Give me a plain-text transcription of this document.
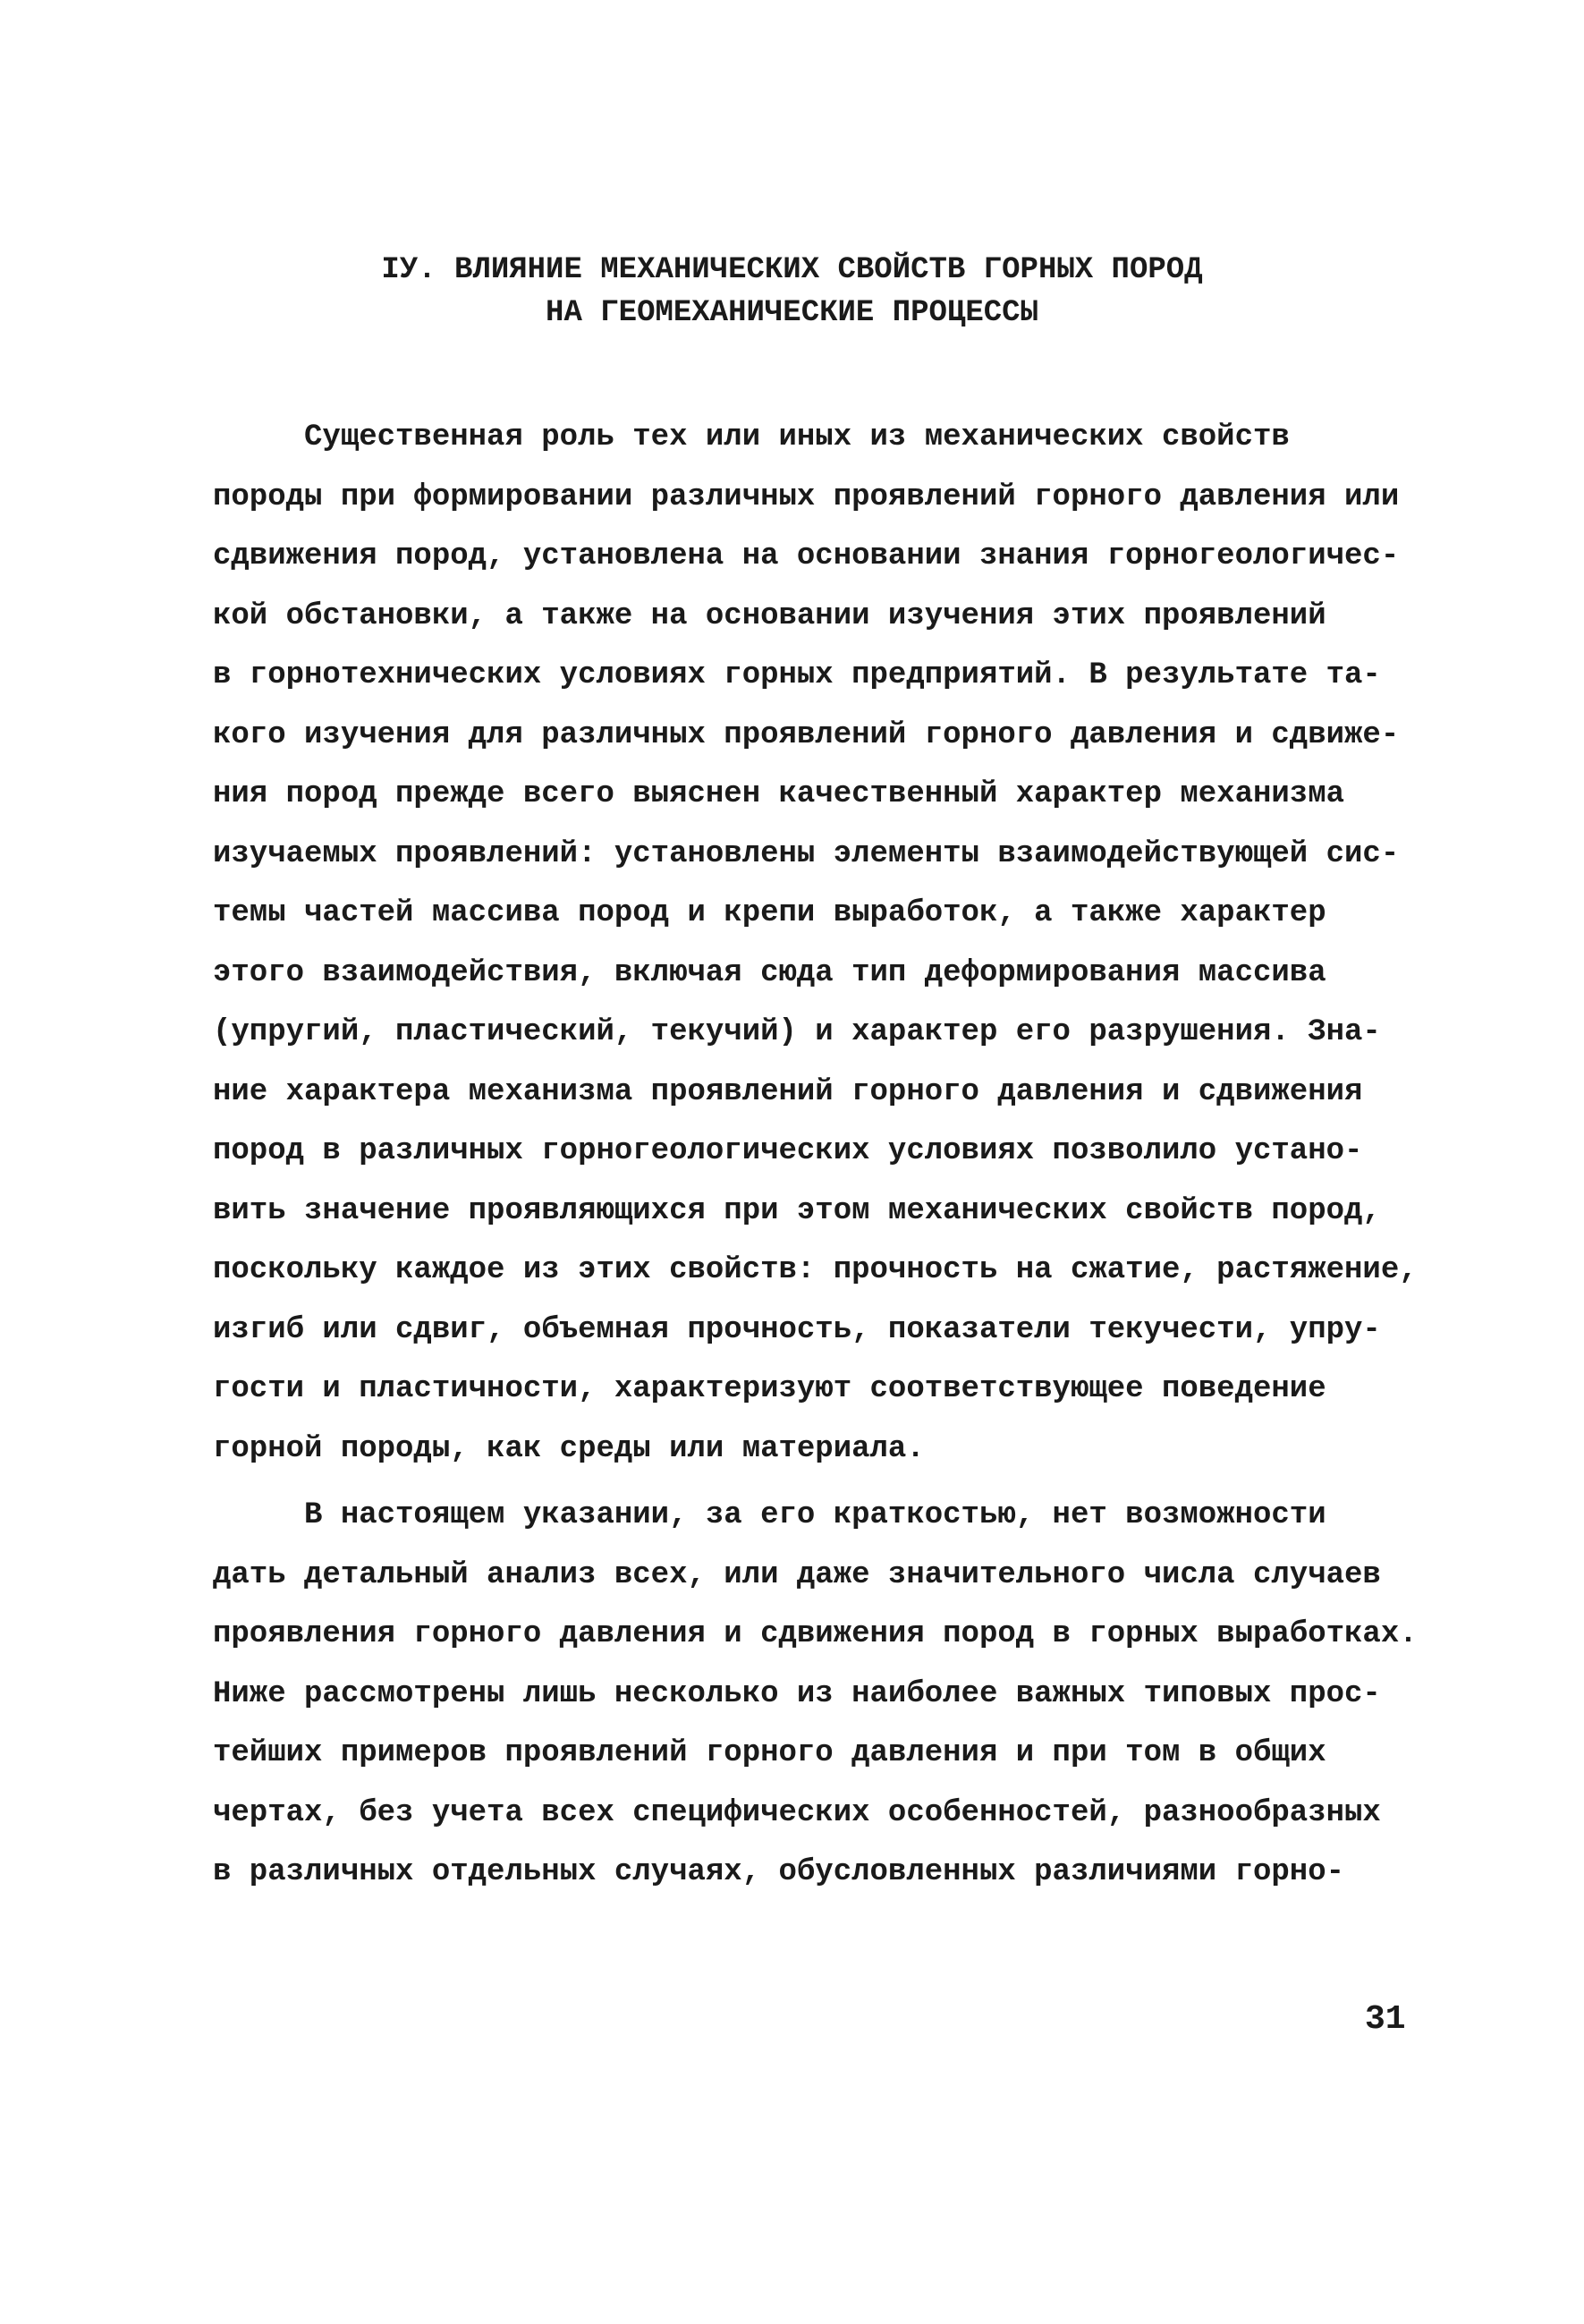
IУ. ВЛИЯНИЕ МЕХАНИЧЕСКИХ СВОЙСТВ ГОРНЫХ ПОРОД
НА ГЕОМЕХАНИЧЕСКИЕ ПРОЦЕССЫ
Существенная роль тех или иных из механических свойств
породы при формировании различных проявлений горного давления или
сдвижения пород, установлена на основании знания горногеологичес-
кой обстановки, а также на основании изучения этих проявлений
в горнотехнических условиях горных предприятий. В результате та-
кого изучения для различных проявлений горного давления и сдвиже-
ния пород прежде всего выяснен качественный характер механизма
изучаемых проявлений: установлены элементы взаимодействующей сис-
темы частей массива пород и крепи выработок, а также характер
этого взаимодействия, включая сюда тип деформирования массива
(упругий, пластический, текучий) и характер его разрушения. Зна-
ние характера механизма проявлений горного давления и сдвижения
пород в различных горногеологических условиях позволило устано-
вить значение проявляющихся при этом механических свойств пород,
поскольку каждое из этих свойств: прочность на сжатие, растяжение,
изгиб или сдвиг, объемная прочность, показатели текучести, упру-
гости и пластичности, характеризуют соответствующее поведение
горной породы, как среды или материала.
В настоящем указании, за его краткостью, нет возможности
дать детальный анализ всех, или даже значительного числа случаев
проявления горного давления и сдвижения пород в горных выработках.
Ниже рассмотрены лишь несколько из наиболее важных типовых прос-
тейших примеров проявлений горного давления и при том в общих
чертах, без учета всех специфических особенностей, разнообразных
в различных отдельных случаях, обусловленных различиями горно-
31
